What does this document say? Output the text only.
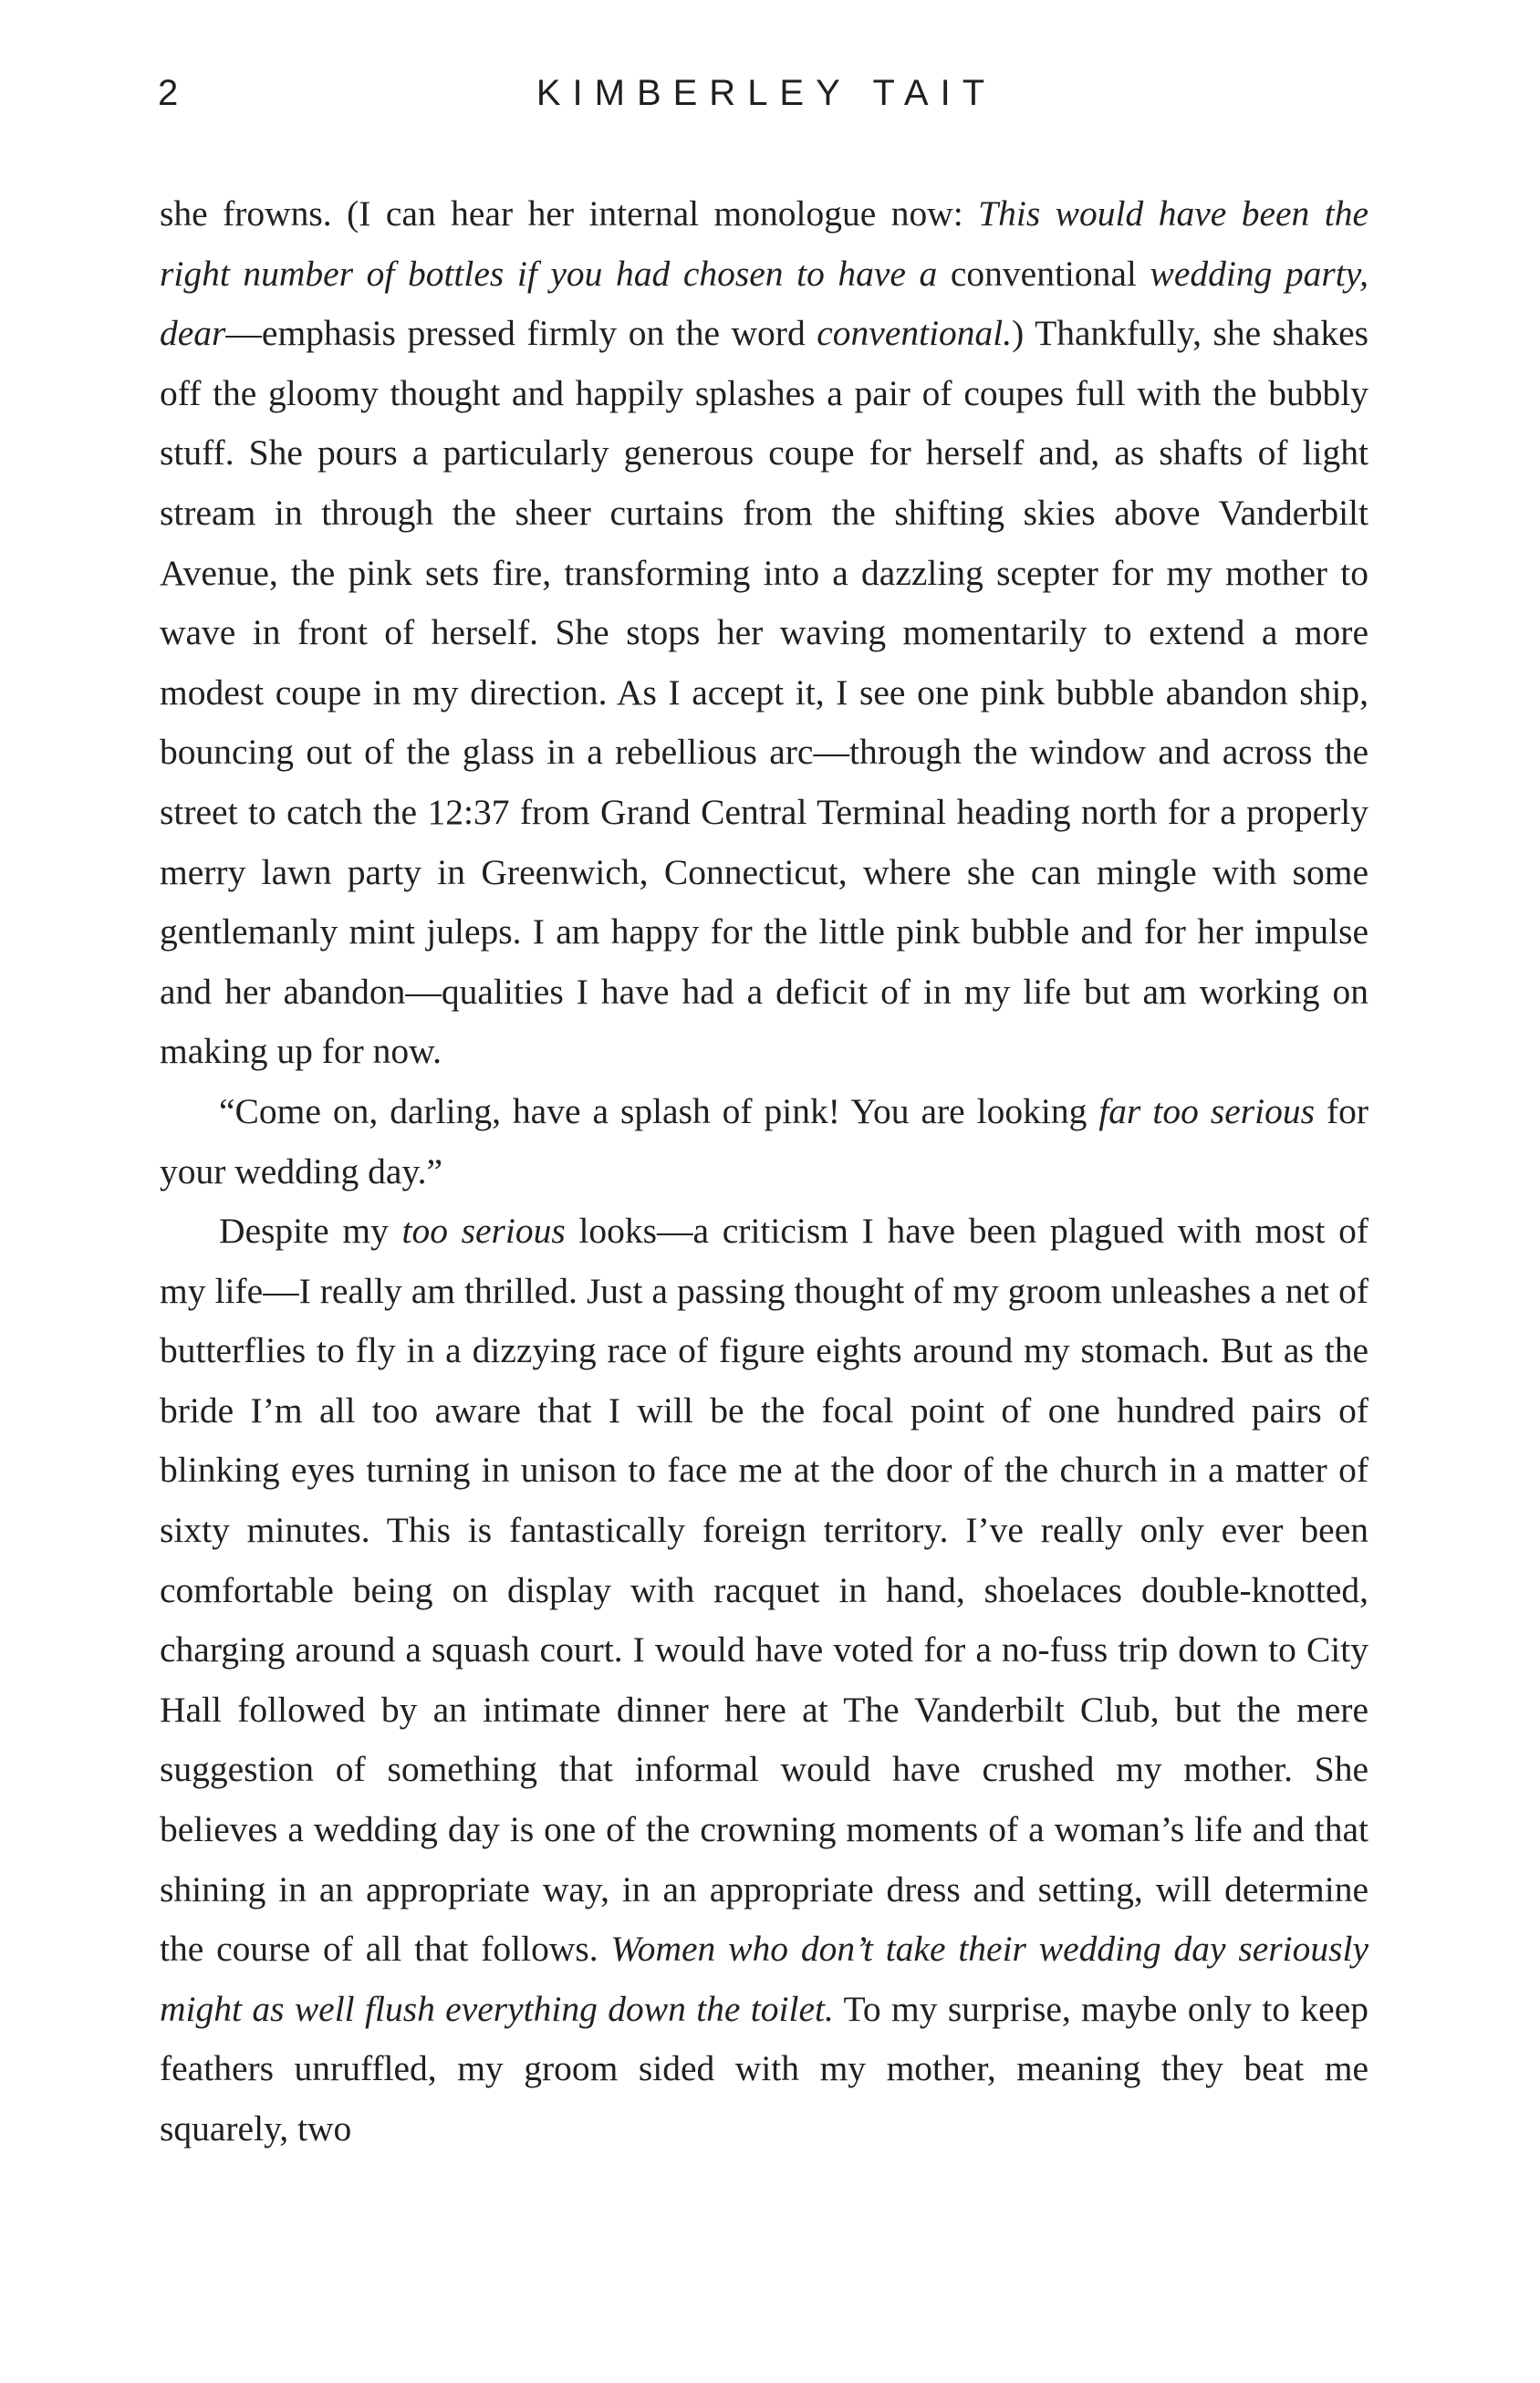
2	KIMBERLEY TAIT

she frowns. (I can hear her internal monologue now: This would have been the right number of bottles if you had chosen to have a conventional wedding party, dear—emphasis pressed firmly on the word conventional.) Thankfully, she shakes off the gloomy thought and happily splashes a pair of coupes full with the bubbly stuff. She pours a particularly generous coupe for herself and, as shafts of light stream in through the sheer curtains from the shifting skies above Vanderbilt Avenue, the pink sets fire, transforming into a dazzling scepter for my mother to wave in front of herself. She stops her waving momentarily to extend a more modest coupe in my direction. As I accept it, I see one pink bubble abandon ship, bouncing out of the glass in a rebellious arc—through the window and across the street to catch the 12:37 from Grand Central Terminal heading north for a properly merry lawn party in Greenwich, Connecticut, where she can mingle with some gentlemanly mint juleps. I am happy for the little pink bubble and for her impulse and her abandon—qualities I have had a deficit of in my life but am working on making up for now.

“Come on, darling, have a splash of pink! You are looking far too serious for your wedding day.”

Despite my too serious looks—a criticism I have been plagued with most of my life—I really am thrilled. Just a passing thought of my groom unleashes a net of butterflies to fly in a dizzying race of figure eights around my stomach. But as the bride I’m all too aware that I will be the focal point of one hundred pairs of blinking eyes turning in unison to face me at the door of the church in a matter of sixty minutes. This is fantastically foreign territory. I’ve really only ever been comfortable being on display with racquet in hand, shoelaces double-knotted, charging around a squash court. I would have voted for a no-fuss trip down to City Hall followed by an intimate dinner here at The Vanderbilt Club, but the mere suggestion of something that informal would have crushed my mother. She believes a wedding day is one of the crowning moments of a woman’s life and that shining in an appropriate way, in an appropriate dress and setting, will determine the course of all that follows. Women who don’t take their wedding day seriously might as well flush everything down the toilet. To my surprise, maybe only to keep feathers unruffled, my groom sided with my mother, meaning they beat me squarely, two
